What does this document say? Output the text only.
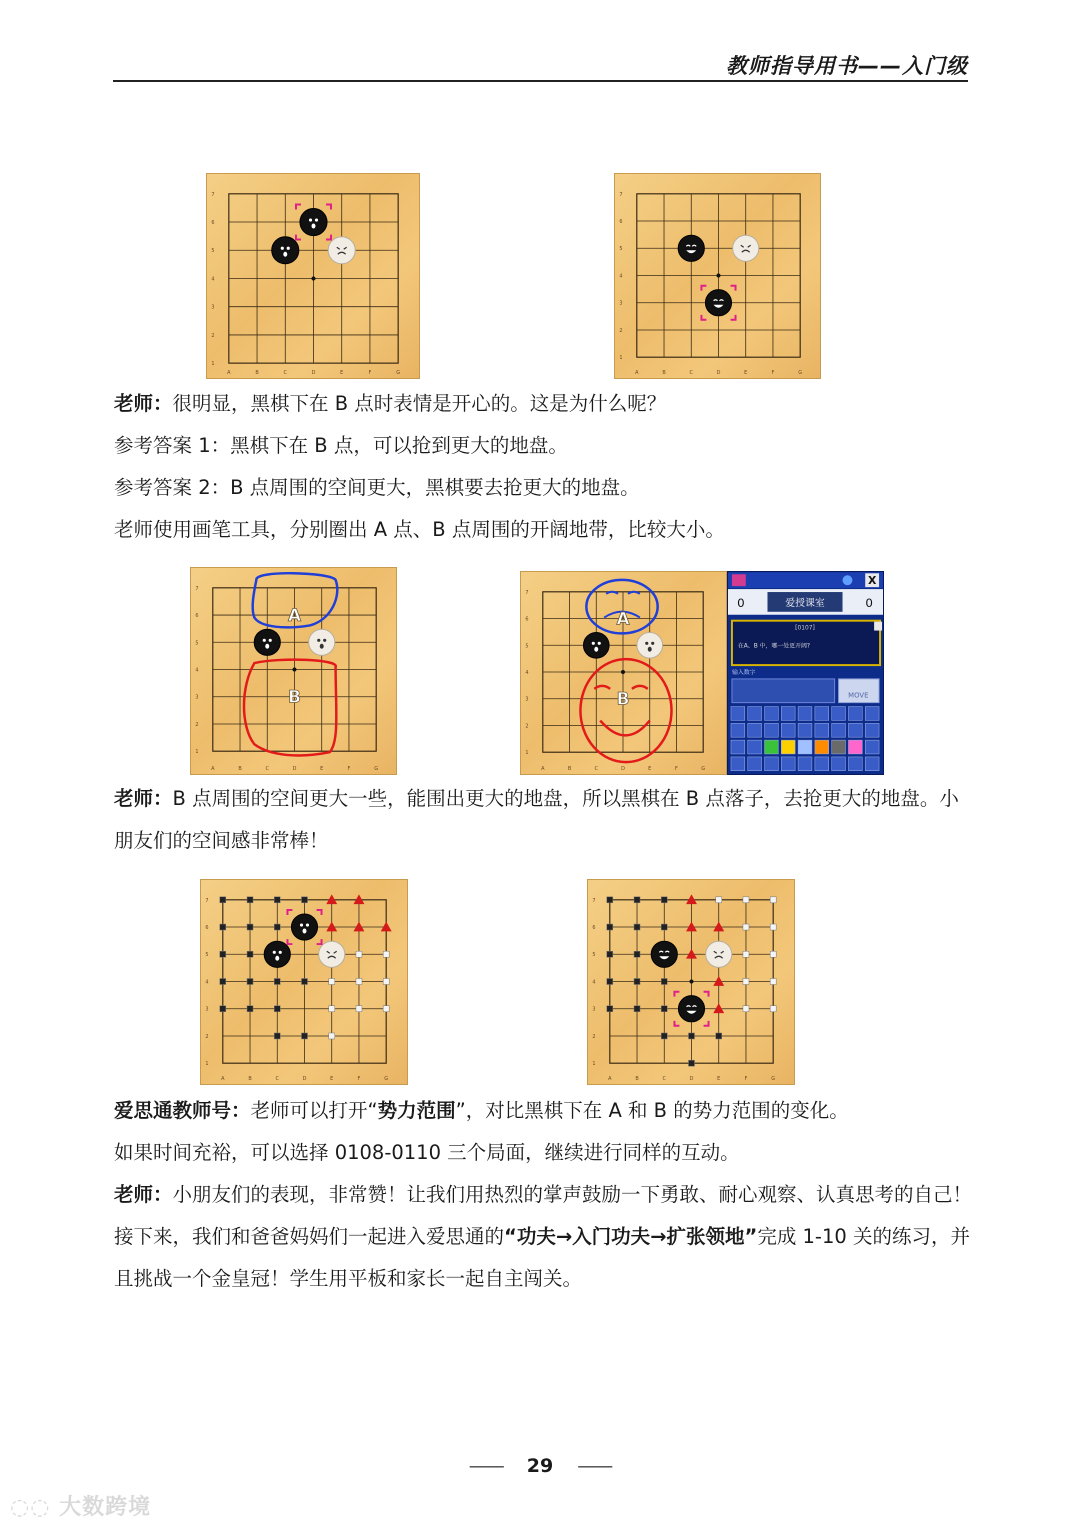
教师指导用书——入门级
A	B	C	D	E	F	G
7
6
5
4
3
2
1
A	B	C	D	E	F	G
7
6
5
4
3
2
1

老师：很明显，黑棋下在 B 点时表情是开心的。这是为什么呢？

参考答案 1：黑棋下在 B 点，可以抢到更大的地盘。

参考答案 2：B 点周围的空间更大，黑棋要去抢更大的地盘。

老师使用画笔工具，分别圈出 A 点、B 点周围的开阔地带，比较大小。

A	B	C	D	E	F	G
7
6
5
4
3
2
1
A
B
A	B	C	D	E	F	G
7
6
5
4
3
2
1
A
B
X
0	爱授课室	0
[0107]
在A、B 中，哪一处更开阔?
输入数字
MOVE

老师：B 点周围的空间更大一些，能围出更大的地盘，所以黑棋在 B 点落子，去抢更大的地盘。小朋友们的空间感非常棒！

A	B	C	D	E	F	G
7
6
5
4
3
2
1
A	B	C	D	E	F	G
7
6
5
4
3
2
1

爱思通教师号：老师可以打开“势力范围”，对比黑棋下在 A 和 B 的势力范围的变化。

如果时间充裕，可以选择 0108-0110 三个局面，继续进行同样的互动。

老师：小朋友们的表现，非常赞！让我们用热烈的掌声鼓励一下勇敢、耐心观察、认真思考的自己！接下来，我们和爸爸妈妈们一起进入爱思通的“功夫→入门功夫→扩张领地”完成 1-10 关的练习，并且挑战一个金皇冠！学生用平板和家长一起自主闯关。

—— 29 ——
◌◌ 大数跨境
